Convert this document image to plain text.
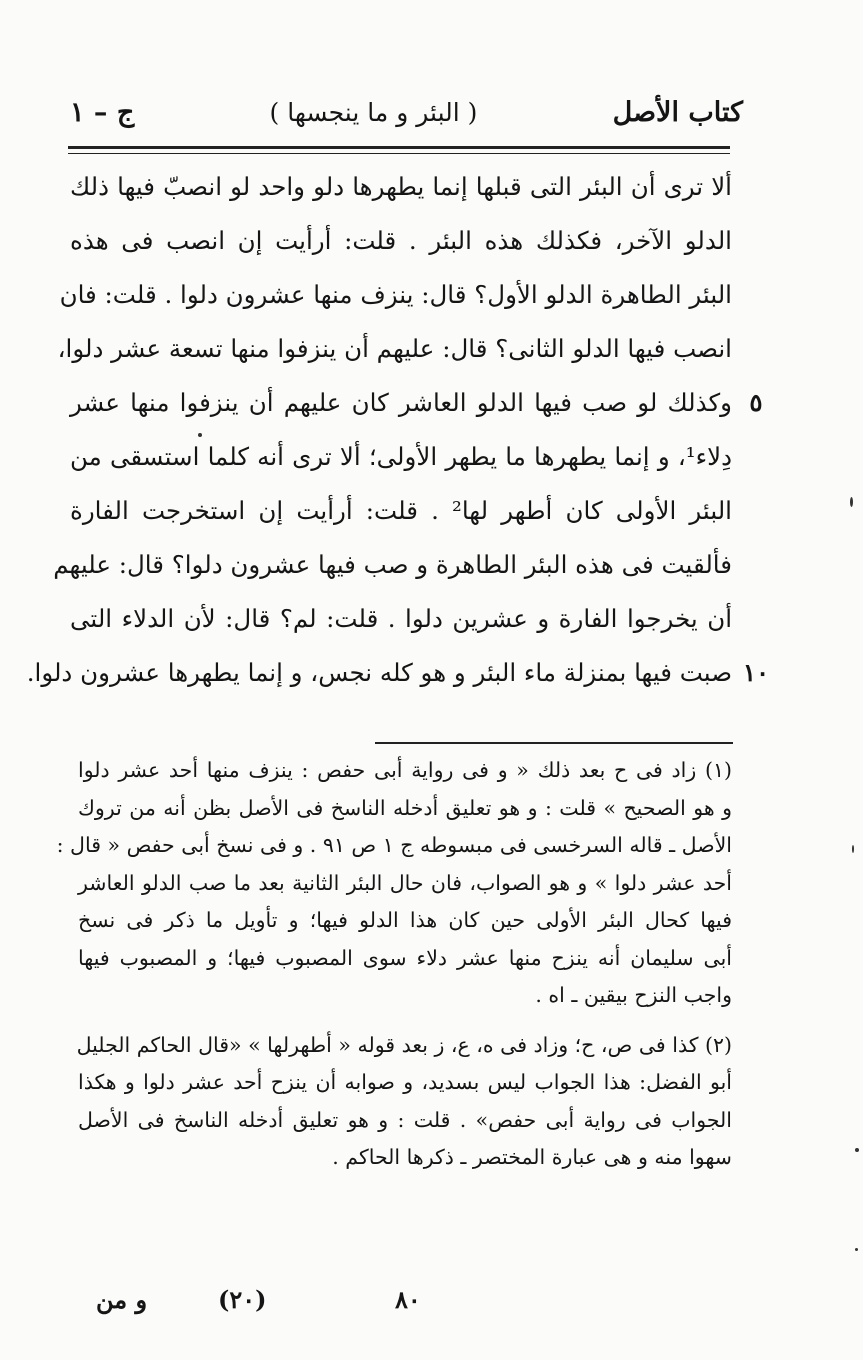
كتاب الأصل
( البئر و ما ينجسها )
ج – ١
ألا ترى أن البئر التى قبلها إنما يطهرها دلو واحد لو انصبّ فيها ذلك
الدلو الآخر، فكذلك هذه البئر . قلت: أرأيت إن انصب فى هذه
البئر الطاهرة الدلو الأول؟ قال: ينزف منها عشرون دلوا . قلت: فان
انصب فيها الدلو الثانى؟ قال: عليهم أن ينزفوا منها تسعة عشر دلوا،
٥
وكذلك لو صب فيها الدلو العاشر كان عليهم أن ينزفوا منها عشر
دِلاء¹، و إنما يطهرها ما يطهر الأولى؛ ألا ترى أنه كلما استسقى من
البئر الأولى كان أطهر لها² . قلت: أرأيت إن استخرجت الفارة
فألقيت فى هذه البئر الطاهرة و صب فيها عشرون دلوا؟ قال: عليهم
أن يخرجوا الفارة و عشرين دلوا . قلت: لم؟ قال: لأن الدلاء التى
١٠
صبت فيها بمنزلة ماء البئر و هو كله نجس، و إنما يطهرها عشرون دلوا.
(١) زاد فى ح بعد ذلك « و فى رواية أبى حفص : ينزف منها أحد عشر دلوا
و هو الصحيح » قلت : و هو تعليق أدخله الناسخ فى الأصل بظن أنه من تروك
الأصل ـ قاله السرخسى فى مبسوطه ج ١ ص ٩١ . و فى نسخ أبى حفص « قال :
أحد عشر دلوا » و هو الصواب، فان حال البئر الثانية بعد ما صب الدلو العاشر
فيها كحال البئر الأولى حين كان هذا الدلو فيها؛ و تأويل ما ذكر فى نسخ
أبى سليمان أنه ينزح منها عشر دلاء سوى المصبوب فيها؛ و المصبوب فيها
واجب النزح بيقين ـ اه .
(٢) كذا فى ص، ح؛ وزاد فى ه، ع، ز بعد قوله « أطهرلها » «قال الحاكم الجليل
أبو الفضل: هذا الجواب ليس بسديد، و صوابه أن ينزح أحد عشر دلوا و هكذا
الجواب فى رواية أبى حفص» . قلت : و هو تعليق أدخله الناسخ فى الأصل
سهوا منه و هى عبارة المختصر ـ ذكرها الحاكم .
٨٠
(٢٠)
و من
